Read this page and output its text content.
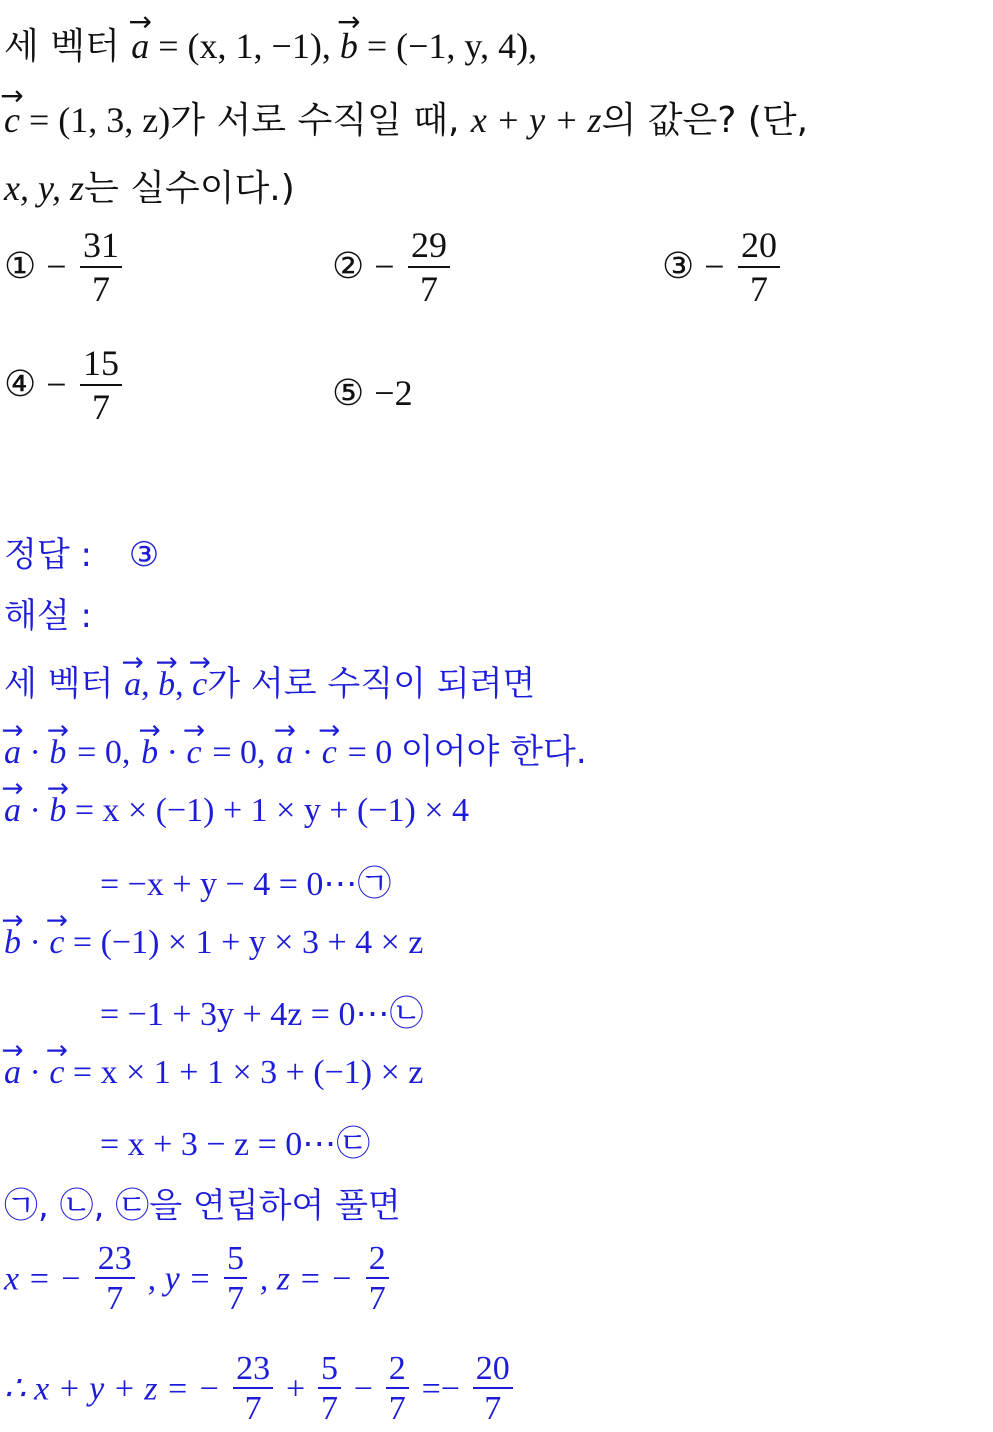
세 벡터 → a = (x, 1, −1), → b = (−1, y, 4),
→ c = (1, 3, z)가 서로 수직일 때, x + y + z의 값은? (단,
x, y, z는 실수이다.)
① − $\frac{31}{7}$	② − $\frac{29}{7}$	③ − $\frac{20}{7}$
④ − $\frac{15}{7}$	⑤ −2
정답 : ③
해설 :
세 벡터 → a, → b, → c가 서로 수직이 되려면
→ a · → b = 0, → b · → c = 0, → a · → c = 0 이어야 한다.
→ a · → b = x × (−1) + 1 × y + (−1) × 4
= −x + y − 4 = 0⋯㉠
→ b · → c = (−1) × 1 + y × 3 + 4 × z
= −1 + 3y + 4z = 0⋯㉡
→ a · → c = x × 1 + 1 × 3 + (−1) × z
= x + 3 − z = 0⋯㉢
㉠, ㉡, ㉢을 연립하여 풀면
x = − $\frac{23}{7}$ , $y = \frac{5}{7}$ , z = − $\frac{2}{7}$
∴ x + y + z = − $\frac{23}{7} + \frac{5}{7} - \frac{2}{7} =- \frac{20}{7}$
